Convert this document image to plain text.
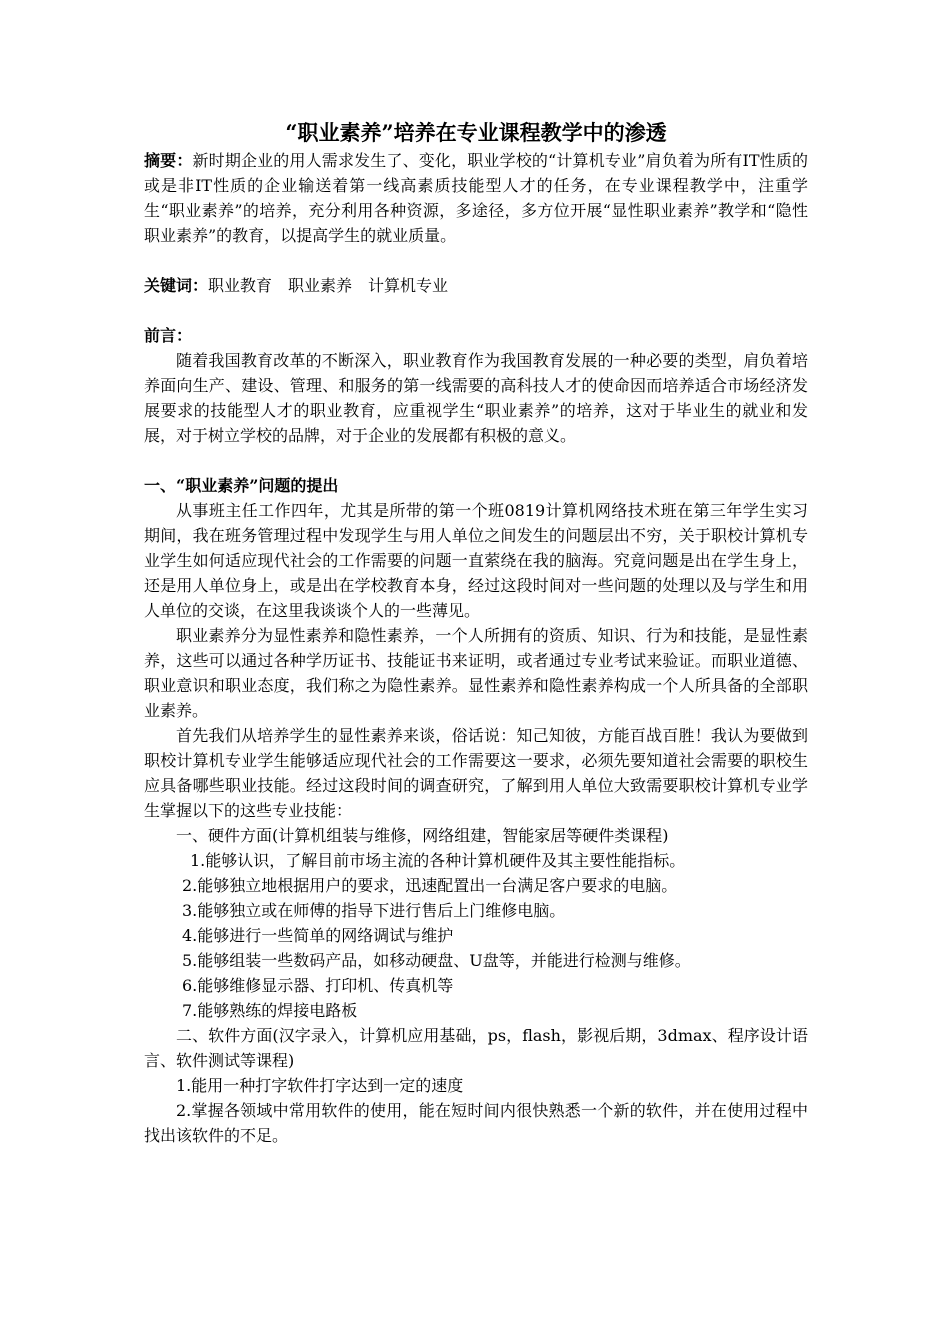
“职业素养”培养在专业课程教学中的渗透

摘要：新时期企业的用人需求发生了、变化，职业学校的“计算机专业”肩负着为所有IT性质的或是非IT性质的企业输送着第一线高素质技能型人才的任务，在专业课程教学中，注重学生“职业素养”的培养，充分利用各种资源，多途径，多方位开展“显性职业素养”教学和“隐性职业素养”的教育，以提高学生的就业质量。

关键词：职业教育　职业素养　计算机专业

前言：

随着我国教育改革的不断深入，职业教育作为我国教育发展的一种必要的类型，肩负着培养面向生产、建设、管理、和服务的第一线需要的高科技人才的使命因而培养适合市场经济发展要求的技能型人才的职业教育，应重视学生“职业素养”的培养，这对于毕业生的就业和发展，对于树立学校的品牌，对于企业的发展都有积极的意义。

一、“职业素养”问题的提出

从事班主任工作四年，尤其是所带的第一个班0819计算机网络技术班在第三年学生实习期间，我在班务管理过程中发现学生与用人单位之间发生的问题层出不穷，关于职校计算机专业学生如何适应现代社会的工作需要的问题一直萦绕在我的脑海。究竟问题是出在学生身上，还是用人单位身上，或是出在学校教育本身，经过这段时间对一些问题的处理以及与学生和用人单位的交谈，在这里我谈谈个人的一些薄见。

职业素养分为显性素养和隐性素养，一个人所拥有的资质、知识、行为和技能，是显性素养，这些可以通过各种学历证书、技能证书来证明，或者通过专业考试来验证。而职业道德、职业意识和职业态度，我们称之为隐性素养。显性素养和隐性素养构成一个人所具备的全部职业素养。

首先我们从培养学生的显性素养来谈，俗话说：知己知彼，方能百战百胜！我认为要做到职校计算机专业学生能够适应现代社会的工作需要这一要求，必须先要知道社会需要的职校生应具备哪些职业技能。经过这段时间的调查研究，了解到用人单位大致需要职校计算机专业学生掌握以下的这些专业技能：

一、硬件方面(计算机组装与维修，网络组建，智能家居等硬件类课程)

1.能够认识，了解目前市场主流的各种计算机硬件及其主要性能指标。

2.能够独立地根据用户的要求，迅速配置出一台满足客户要求的电脑。

3.能够独立或在师傅的指导下进行售后上门维修电脑。

4.能够进行一些简单的网络调试与维护

5.能够组装一些数码产品，如移动硬盘、U盘等，并能进行检测与维修。

6.能够维修显示器、打印机、传真机等

7.能够熟练的焊接电路板

二、软件方面(汉字录入，计算机应用基础，ps，flash，影视后期，3dmax、程序设计语言、软件测试等课程)

1.能用一种打字软件打字达到一定的速度

2.掌握各领域中常用软件的使用，能在短时间内很快熟悉一个新的软件，并在使用过程中找出该软件的不足。
